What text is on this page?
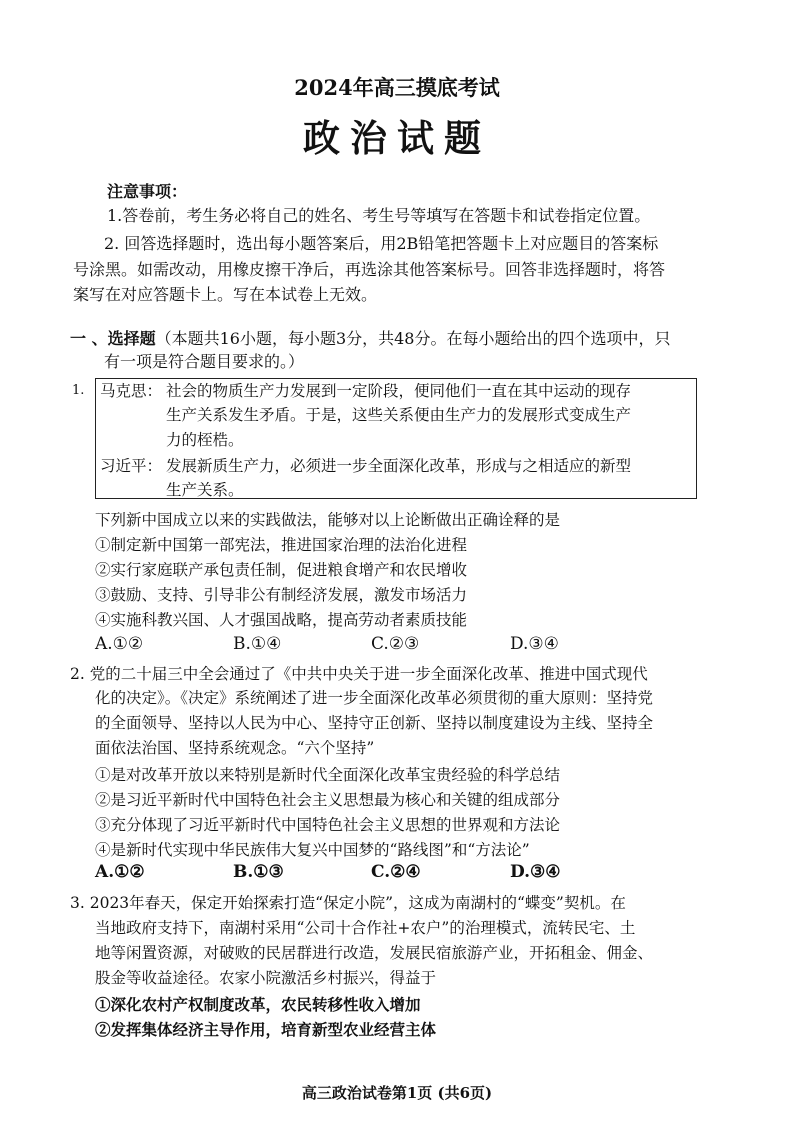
2024年高三摸底考试
政治试题
注意事项：
1.答卷前，考生务必将自己的姓名、考生号等填写在答题卡和试卷指定位置。
2. 回答选择题时，选出每小题答案后，用2B铅笔把答题卡上对应题目的答案标
号涂黑。如需改动，用橡皮擦干净后，再选涂其他答案标号。回答非选择题时，将答
案写在对应答题卡上。写在本试卷上无效。
一 、选择题（本题共16小题，每小题3分，共48分。在每小题给出的四个选项中，只
有一项是符合题目要求的。）
1. 马克思： 社会的物质生产力发展到一定阶段，便同他们一直在其中运动的现存
生产关系发生矛盾。于是，这些关系便由生产力的发展形式变成生产
力的桎梏。
习近平： 发展新质生产力，必须进一步全面深化改革，形成与之相适应的新型
生产关系。
下列新中国成立以来的实践做法，能够对以上论断做出正确诠释的是
①制定新中国第一部宪法，推进国家治理的法治化进程
②实行家庭联产承包责任制，促进粮食增产和农民增收
③鼓励、支持、引导非公有制经济发展，激发市场活力
④实施科教兴国、人才强国战略，提高劳动者素质技能
A.①②	B.①④	C.②③	D.③④
2. 党的二十届三中全会通过了《中共中央关于进一步全面深化改革、推进中国式现代
化的决定》。《决定》系统阐述了进一步全面深化改革必须贯彻的重大原则：坚持党
的全面领导、坚持以人民为中心、坚持守正创新、坚持以制度建设为主线、坚持全
面依法治国、坚持系统观念。“六个坚持”
①是对改革开放以来特别是新时代全面深化改革宝贵经验的科学总结
②是习近平新时代中国特色社会主义思想最为核心和关键的组成部分
③充分体现了习近平新时代中国特色社会主义思想的世界观和方法论
④是新时代实现中华民族伟大复兴中国梦的“路线图”和“方法论”
A.①②	B.①③	C.②④	D.③④
3. 2023年春天，保定开始探索打造“保定小院”，这成为南湖村的“蝶变”契机。在
当地政府支持下，南湖村采用“公司十合作社+农户”的治理模式，流转民宅、土
地等闲置资源，对破败的民居群进行改造，发展民宿旅游产业，开拓租金、佣金、
股金等收益途径。农家小院激活乡村振兴，得益于
①深化农村产权制度改革，农民转移性收入增加
②发挥集体经济主导作用，培育新型农业经营主体
高三政治试卷第1页 (共6页)
